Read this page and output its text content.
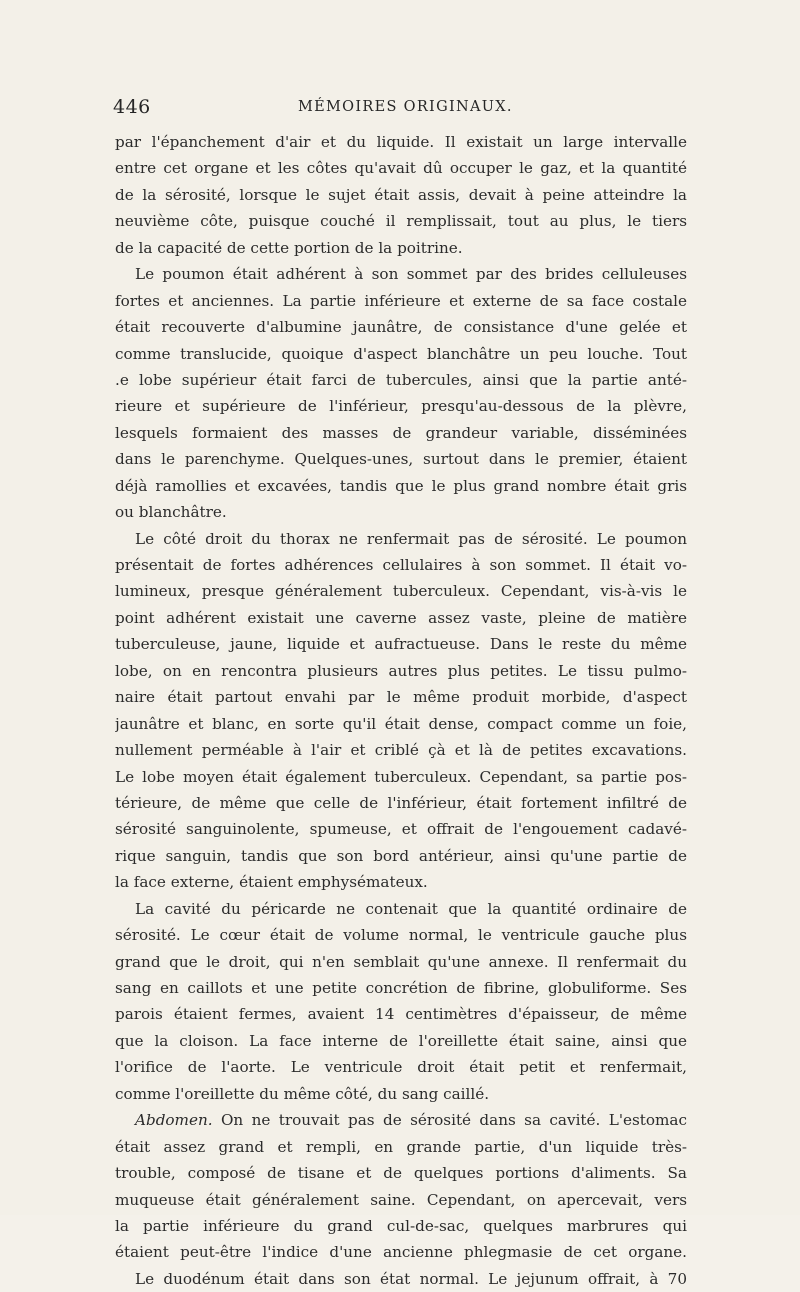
446	MÉMOIRES ORIGINAUX.
par l'épanchement d'air et du liquide. Il existait un large intervalle
entre cet organe et les côtes qu'avait dû occuper le gaz, et la quantité
de la sérosité, lorsque le sujet était assis, devait à peine atteindre la
neuvième côte, puisque couché il remplissait, tout au plus, le tiers
de la capacité de cette portion de la poitrine.
Le poumon était adhérent à son sommet par des brides celluleuses
fortes et anciennes. La partie inférieure et externe de sa face costale
était recouverte d'albumine jaunâtre, de consistance d'une gelée et
comme translucide, quoique d'aspect blanchâtre un peu louche. Tout
.e lobe supérieur était farci de tubercules, ainsi que la partie anté-
rieure et supérieure de l'inférieur, presqu'au-dessous de la plèvre,
lesquels formaient des masses de grandeur variable, disséminées
dans le parenchyme. Quelques-unes, surtout dans le premier, étaient
déjà ramollies et excavées, tandis que le plus grand nombre était gris
ou blanchâtre.
Le côté droit du thorax ne renfermait pas de sérosité. Le poumon
présentait de fortes adhérences cellulaires à son sommet. Il était vo-
lumineux, presque généralement tuberculeux. Cependant, vis-à-vis le
point adhérent existait une caverne assez vaste, pleine de matière
tuberculeuse, jaune, liquide et aufractueuse. Dans le reste du même
lobe, on en rencontra plusieurs autres plus petites. Le tissu pulmo-
naire était partout envahi par le même produit morbide, d'aspect
jaunâtre et blanc, en sorte qu'il était dense, compact comme un foie,
nullement perméable à l'air et criblé çà et là de petites excavations.
Le lobe moyen était également tuberculeux. Cependant, sa partie pos-
térieure, de même que celle de l'inférieur, était fortement infiltré de
sérosité sanguinolente, spumeuse, et offrait de l'engouement cadavé-
rique sanguin, tandis que son bord antérieur, ainsi qu'une partie de
la face externe, étaient emphysémateux.
La cavité du péricarde ne contenait que la quantité ordinaire de
sérosité. Le cœur était de volume normal, le ventricule gauche plus
grand que le droit, qui n'en semblait qu'une annexe. Il renfermait du
sang en caillots et une petite concrétion de fibrine, globuliforme. Ses
parois étaient fermes, avaient 14 centimètres d'épaisseur, de même
que la cloison. La face interne de l'oreillette était saine, ainsi que
l'orifice de l'aorte. Le ventricule droit était petit et renfermait,
comme l'oreillette du même côté, du sang caillé.
Abdomen. On ne trouvait pas de sérosité dans sa cavité. L'estomac
était assez grand et rempli, en grande partie, d'un liquide très-
trouble, composé de tisane et de quelques portions d'aliments. Sa
muqueuse était généralement saine. Cependant, on apercevait, vers
la partie inférieure du grand cul-de-sac, quelques marbrures qui
étaient peut-être l'indice d'une ancienne phlegmasie de cet organe.
Le duodénum était dans son état normal. Le jejunum offrait, à 70
